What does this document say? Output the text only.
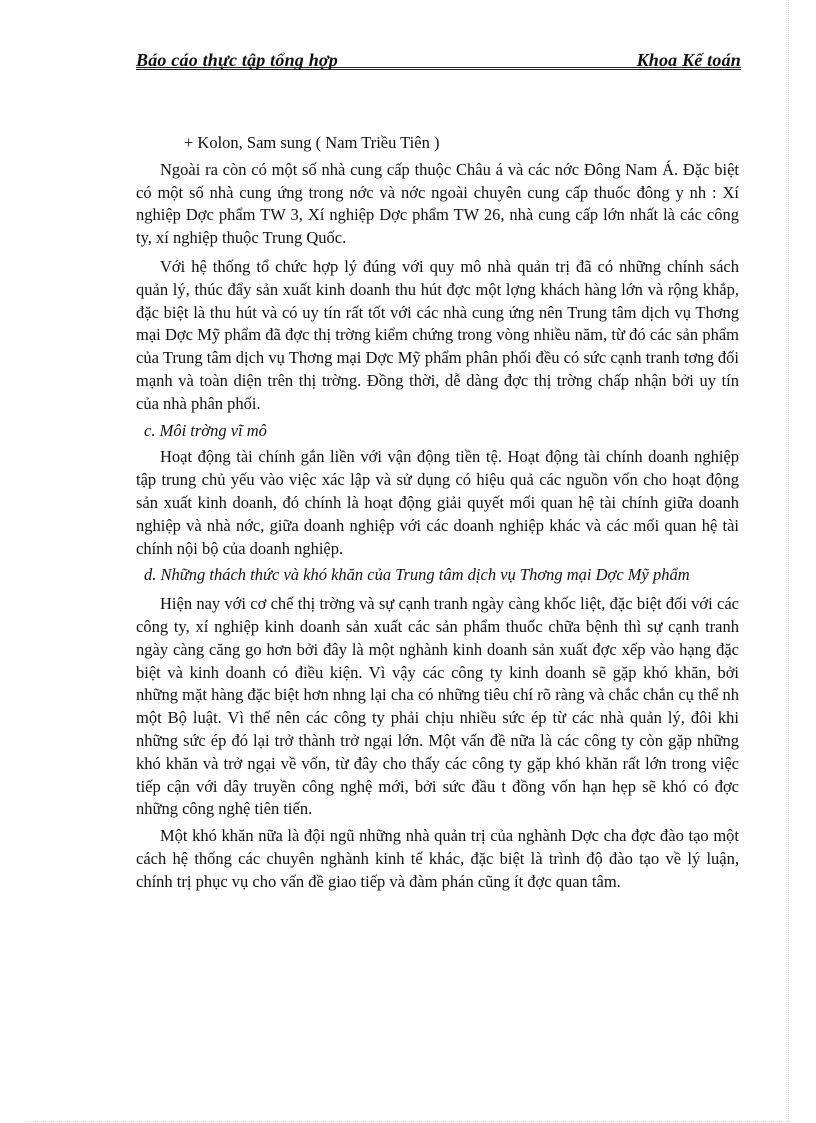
Báo cáo thực tập tổng hợp	Khoa Kế toán

+ Kolon, Sam sung ( Nam Triều Tiên )

Ngoài ra còn có một số nhà cung cấp thuộc Châu á và các nớc Đông Nam Á. Đặc biệt có một số nhà cung ứng trong nớc và nớc ngoài chuyên cung cấp thuốc đông y nh : Xí nghiệp Dợc phẩm TW 3, Xí nghiệp Dợc phẩm TW 26, nhà cung cấp lớn nhất là các công ty, xí nghiệp thuộc Trung Quốc.

Với hệ thống tổ chức hợp lý đúng với quy mô nhà quản trị đã có những chính sách quản lý, thúc đẩy sản xuất kinh doanh thu hút đợc một lợng khách hàng lớn và rộng khắp, đặc biệt là thu hút và có uy tín rất tốt với các nhà cung ứng nên Trung tâm dịch vụ Thơng mại Dợc Mỹ phẩm đã đợc thị trờng kiểm chứng trong vòng nhiều năm, từ đó các sản phẩm của Trung tâm dịch vụ Thơng mại Dợc Mỹ phẩm phân phối đều có sức cạnh tranh tơng đối mạnh và toàn diện trên thị trờng. Đồng thời, dễ dàng đợc thị trờng chấp nhận bởi uy tín của nhà phân phối.

c. Môi trờng vĩ mô

Hoạt động tài chính gắn liền với vận động tiền tệ. Hoạt động tài chính doanh nghiệp tập trung chủ yếu vào việc xác lập và sử dụng có hiệu quả các nguồn vốn cho hoạt động sản xuất kinh doanh, đó chính là hoạt động giải quyết mối quan hệ tài chính giữa doanh nghiệp và nhà nớc, giữa doanh nghiệp với các doanh nghiệp khác và các mối quan hệ tài chính nội bộ của doanh nghiệp.

d. Những thách thức và khó khăn của Trung tâm dịch vụ Thơng mại Dợc Mỹ phẩm

Hiện nay với cơ chế thị trờng và sự cạnh tranh ngày càng khốc liệt, đặc biệt đối với các công ty, xí nghiệp kinh doanh sản xuất các sản phẩm thuốc chữa bệnh thì sự cạnh tranh ngày càng căng go hơn bởi đây là một nghành kinh doanh sản xuất đợc xếp vào hạng đặc biệt và kinh doanh có điều kiện. Vì vậy các công ty kinh doanh sẽ gặp khó khăn, bởi những mặt hàng đặc biệt hơn nhng lại cha có những tiêu chí rõ ràng và chắc chắn cụ thể nh một Bộ luật. Vì thế nên các công ty phải chịu nhiều sức ép từ các nhà quản lý, đôi khi những sức ép đó lại trở thành trở ngại lớn. Một vấn đề nữa là các công ty còn gặp những khó khăn và trở ngại về vốn, từ đây cho thấy các công ty gặp khó khăn rất lớn trong việc tiếp cận với dây truyền công nghệ mới, bởi sức đầu t đồng vốn hạn hẹp sẽ khó có đợc những công nghệ tiên tiến.

Một khó khăn nữa là đội ngũ những nhà quản trị của nghành Dợc cha đợc đào tạo một cách hệ thống các chuyên nghành kinh tế khác, đặc biệt là trình độ đào tạo về lý luận, chính trị phục vụ cho vấn đề giao tiếp và đàm phán cũng ít đợc quan tâm.
